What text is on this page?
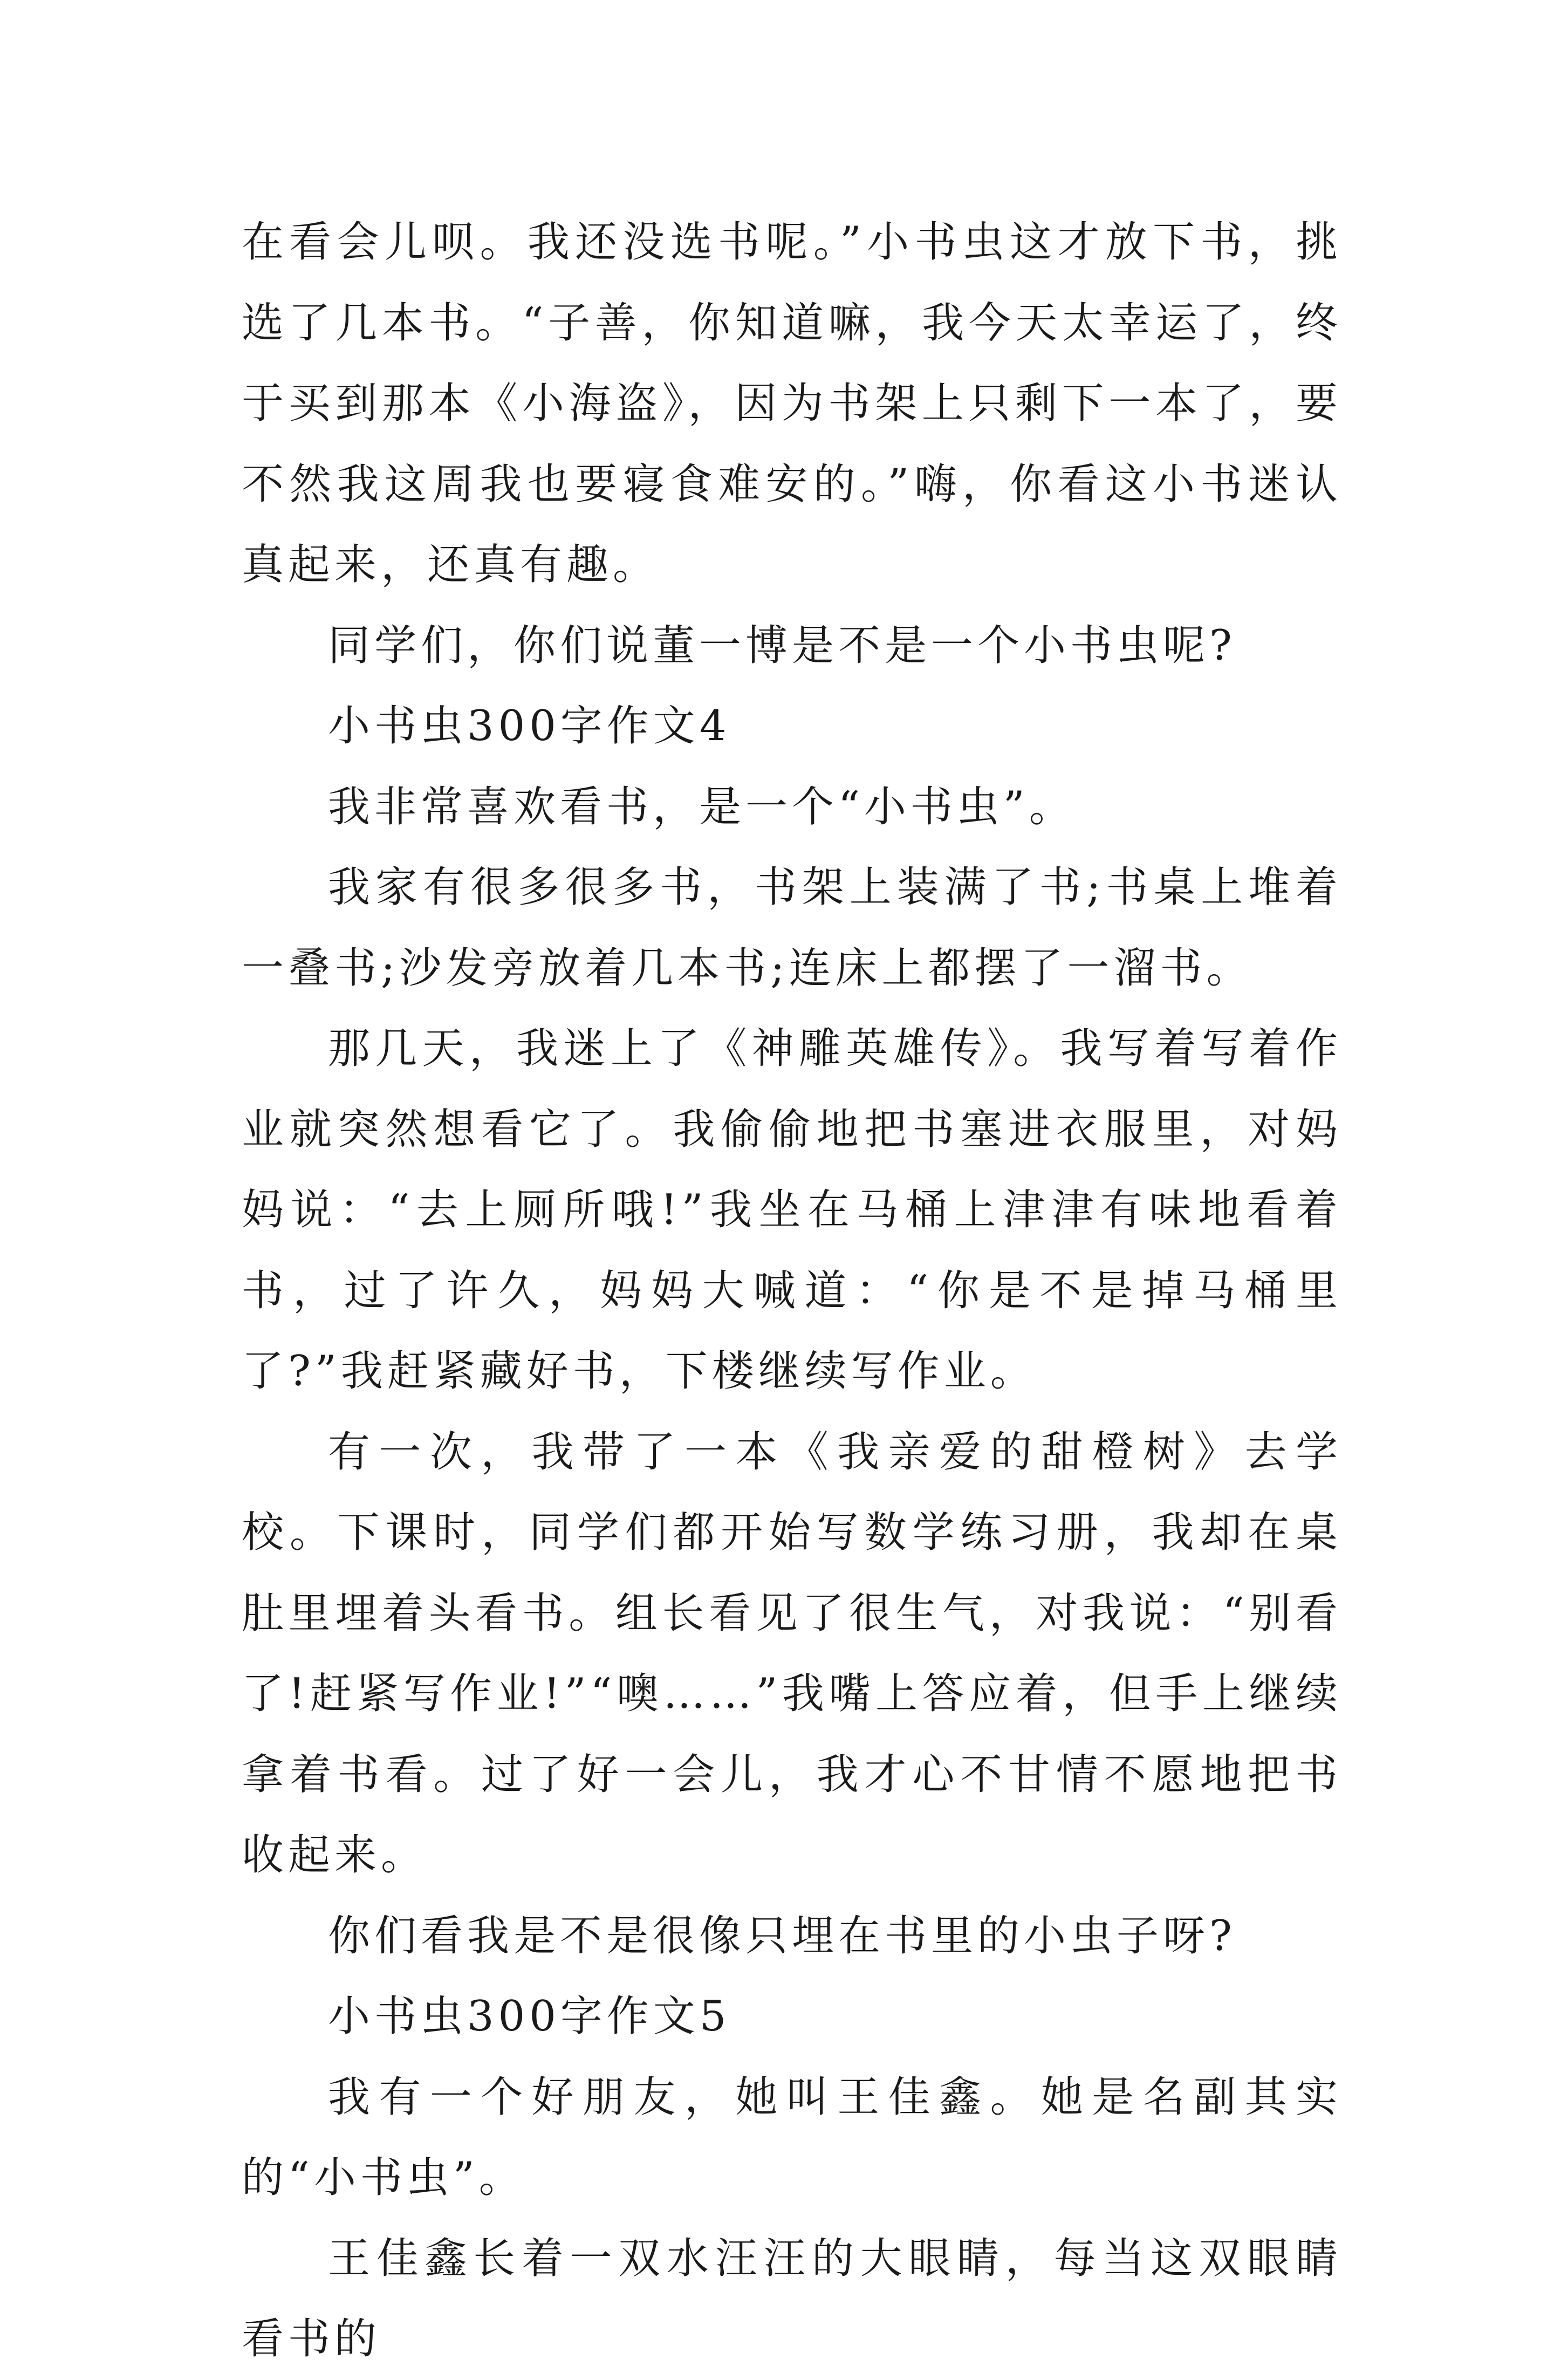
在看会儿呗。我还没选书呢。”小书虫这才放下书，挑选了几本书。“子善，你知道嘛，我今天太幸运了，终于买到那本《小海盗》，因为书架上只剩下一本了，要不然我这周我也要寝食难安的。”嗨，你看这小书迷认真起来，还真有趣。

同学们，你们说董一博是不是一个小书虫呢?

小书虫300字作文4

我非常喜欢看书，是一个“小书虫”。

我家有很多很多书，书架上装满了书;书桌上堆着一叠书;沙发旁放着几本书;连床上都摆了一溜书。

那几天，我迷上了《神雕英雄传》。我写着写着作业就突然想看它了。我偷偷地把书塞进衣服里，对妈妈说：“去上厕所哦!”我坐在马桶上津津有味地看着书，过了许久，妈妈大喊道：“你是不是掉马桶里了?”我赶紧藏好书，下楼继续写作业。

有一次，我带了一本《我亲爱的甜橙树》去学校。下课时，同学们都开始写数学练习册，我却在桌肚里埋着头看书。组长看见了很生气，对我说：“别看了!赶紧写作业!”“噢……”我嘴上答应着，但手上继续拿着书看。过了好一会儿，我才心不甘情不愿地把书收起来。

你们看我是不是很像只埋在书里的小虫子呀?

小书虫300字作文5

我有一个好朋友，她叫王佳鑫。她是名副其实的“小书虫”。

王佳鑫长着一双水汪汪的大眼睛，每当这双眼睛看书的
